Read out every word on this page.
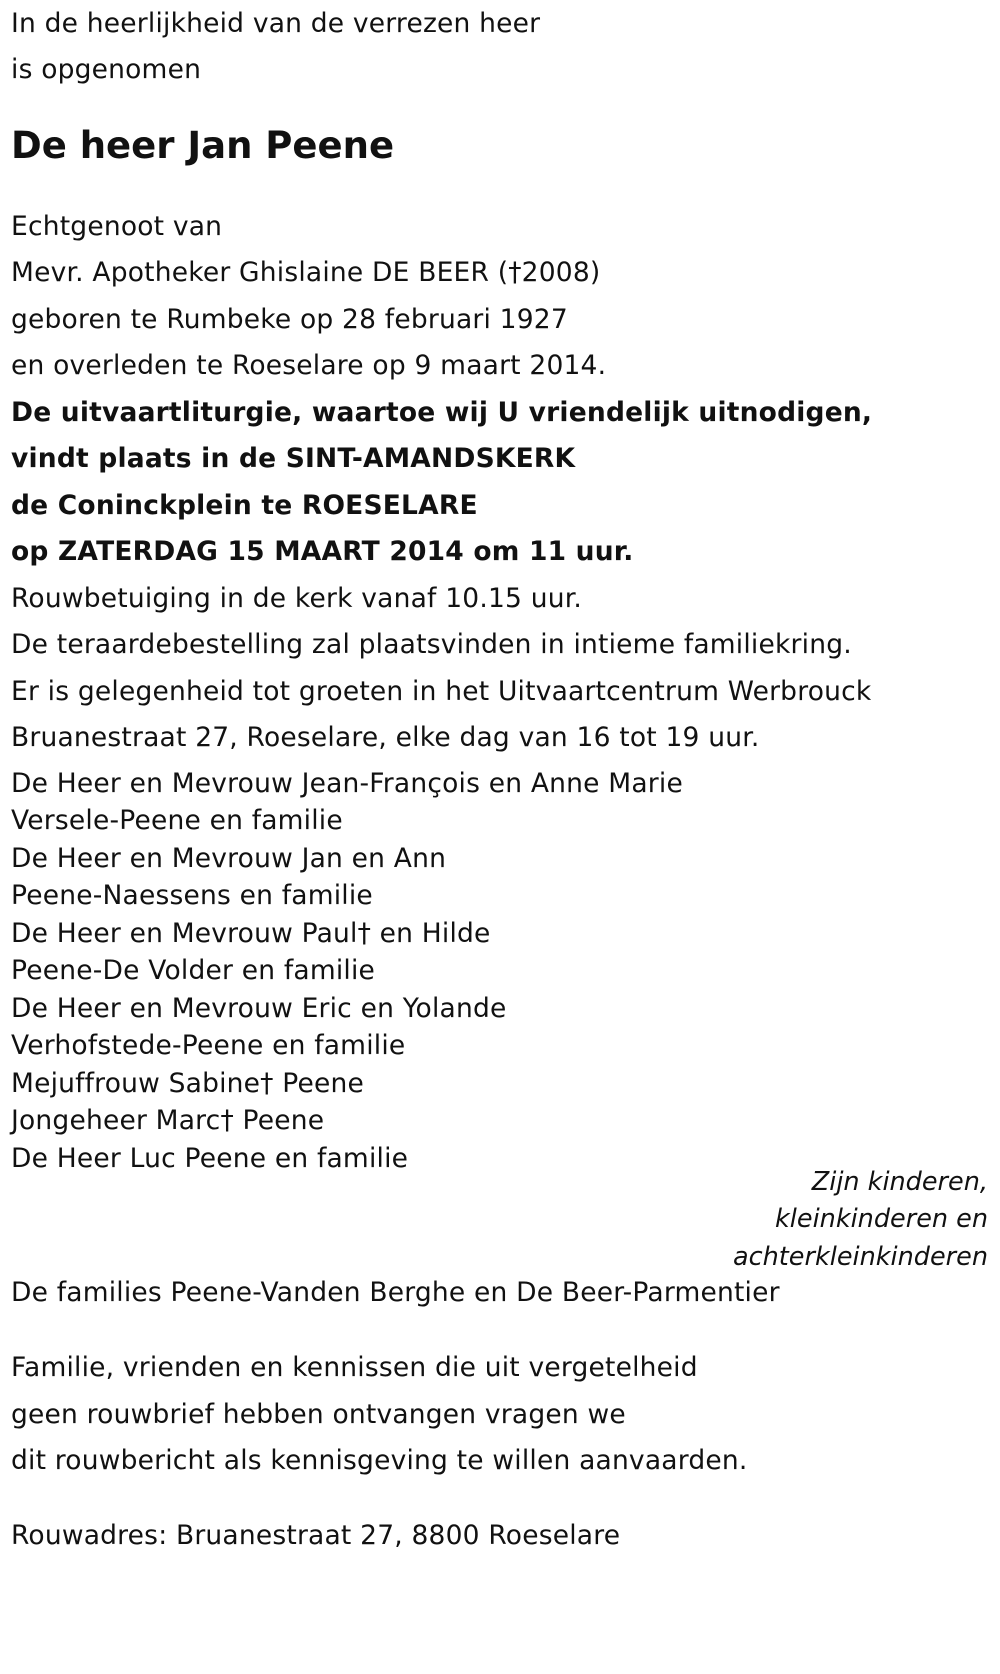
In de heerlijkheid van de verrezen heer
is opgenomen
De heer Jan Peene
Echtgenoot van
Mevr. Apotheker Ghislaine DE BEER (†2008)
geboren te Rumbeke op 28 februari 1927
en overleden te Roeselare op 9 maart 2014.
De uitvaartliturgie, waartoe wij U vriendelijk uitnodigen,
vindt plaats in de SINT-AMANDSKERK
de Coninckplein te ROESELARE
op ZATERDAG 15 MAART 2014 om 11 uur.
Rouwbetuiging in de kerk vanaf 10.15 uur.
De teraardebestelling zal plaatsvinden in intieme familiekring.
Er is gelegenheid tot groeten in het Uitvaartcentrum Werbrouck
Bruanestraat 27, Roeselare, elke dag van 16 tot 19 uur.
De Heer en Mevrouw Jean-François en Anne Marie
Versele-Peene en familie
De Heer en Mevrouw Jan en Ann
Peene-Naessens en familie
De Heer en Mevrouw Paul† en Hilde
Peene-De Volder en familie
De Heer en Mevrouw Eric en Yolande
Verhofstede-Peene en familie
Mejuffrouw Sabine† Peene
Jongeheer Marc† Peene
De Heer Luc Peene en familie
Zijn kinderen,
kleinkinderen en
achterkleinkinderen
De families Peene-Vanden Berghe en De Beer-Parmentier
Familie, vrienden en kennissen die uit vergetelheid
geen rouwbrief hebben ontvangen vragen we
dit rouwbericht als kennisgeving te willen aanvaarden.
Rouwadres: Bruanestraat 27, 8800 Roeselare
